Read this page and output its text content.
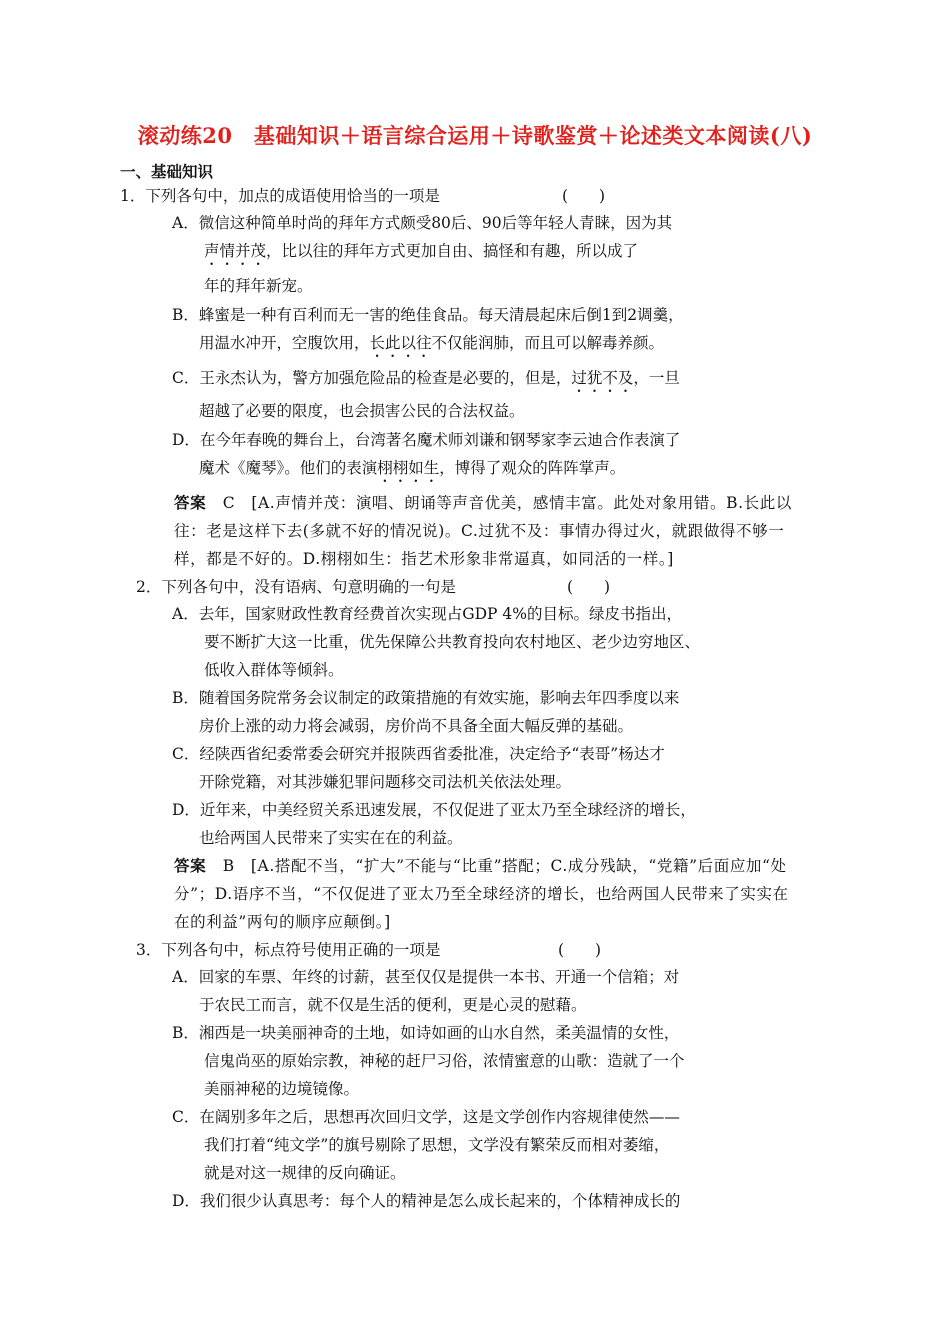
滚动练20　基础知识＋语言综合运用＋诗歌鉴赏＋论述类文本阅读(八)
一、基础知识
1．下列各句中，加点的成语使用恰当的一项是	(　　)
A．微信这种简单时尚的拜年方式颇受80后、90后等年轻人青睐，因为其
声情并茂，比以往的拜年方式更加自由、搞怪和有趣，所以成了
年的拜年新宠。
B．蜂蜜是一种有百利而无一害的绝佳食品。每天清晨起床后倒1到2调羹，
用温水冲开，空腹饮用，长此以往不仅能润肺，而且可以解毒养颜。
C．王永杰认为，警方加强危险品的检查是必要的，但是，过犹不及，一旦
超越了必要的限度，也会损害公民的合法权益。
D．在今年春晚的舞台上，台湾著名魔术师刘谦和钢琴家李云迪合作表演了
魔术《魔琴》。他们的表演栩栩如生，博得了观众的阵阵掌声。
答案 C　[A.声情并茂：演唱、朗诵等声音优美，感情丰富。此处对象用错。B.长此以
往：老是这样下去(多就不好的情况说)。C.过犹不及：事情办得过火，就跟做得不够一
样，都是不好的。D.栩栩如生：指艺术形象非常逼真，如同活的一样。]
2．下列各句中，没有语病、句意明确的一句是	(　　)
A．去年，国家财政性教育经费首次实现占GDP 4%的目标。绿皮书指出，
要不断扩大这一比重，优先保障公共教育投向农村地区、老少边穷地区、
低收入群体等倾斜。
B．随着国务院常务会议制定的政策措施的有效实施，影响去年四季度以来
房价上涨的动力将会减弱，房价尚不具备全面大幅反弹的基础。
C．经陕西省纪委常委会研究并报陕西省委批准，决定给予“表哥”杨达才
开除党籍，对其涉嫌犯罪问题移交司法机关依法处理。
D．近年来，中美经贸关系迅速发展，不仅促进了亚太乃至全球经济的增长，
也给两国人民带来了实实在在的利益。
答案 B　[A.搭配不当，“扩大”不能与“比重”搭配；C.成分残缺，“党籍”后面应加“处
分”；D.语序不当，“不仅促进了亚太乃至全球经济的增长，也给两国人民带来了实实在
在的利益”两句的顺序应颠倒。]
3．下列各句中，标点符号使用正确的一项是	(　　)
A．回家的车票、年终的讨薪，甚至仅仅是提供一本书、开通一个信箱；对
于农民工而言，就不仅是生活的便利，更是心灵的慰藉。
B．湘西是一块美丽神奇的土地，如诗如画的山水自然，柔美温情的女性，
信鬼尚巫的原始宗教，神秘的赶尸习俗，浓情蜜意的山歌：造就了一个
美丽神秘的边境镜像。
C．在阔别多年之后，思想再次回归文学，这是文学创作内容规律使然——
我们打着“纯文学”的旗号剔除了思想，文学没有繁荣反而相对萎缩，
就是对这一规律的反向确证。
D．我们很少认真思考：每个人的精神是怎么成长起来的，个体精神成长的
